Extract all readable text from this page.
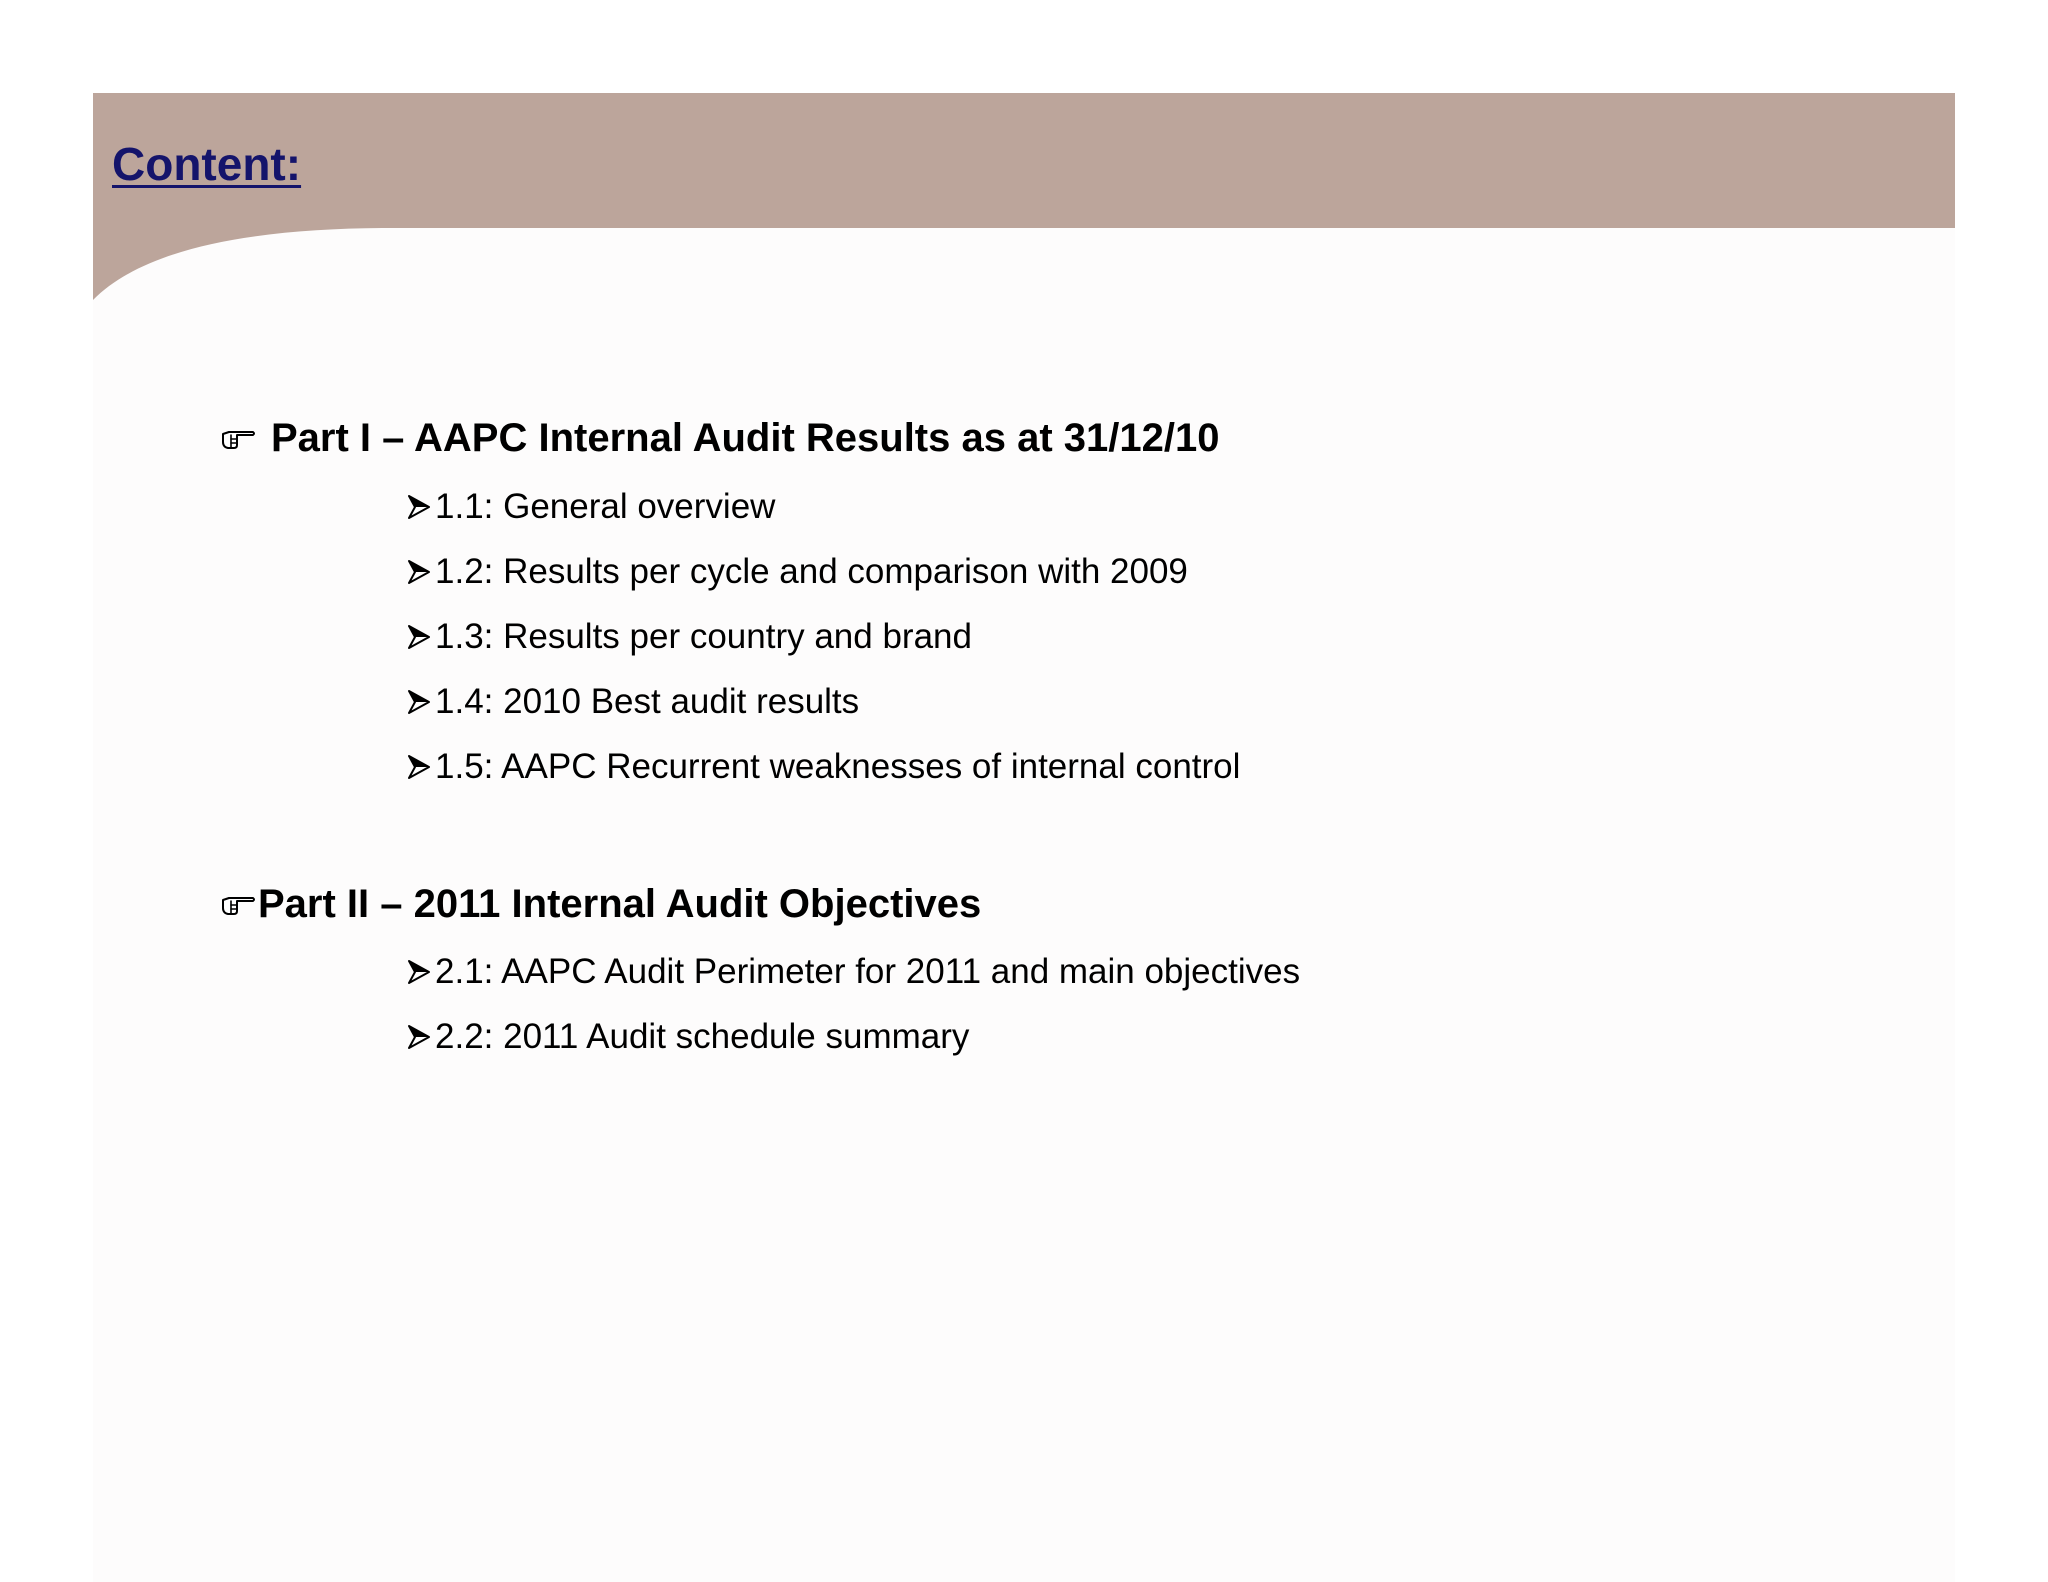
Content:
Part I – AAPC Internal Audit Results as at 31/12/10
1.1: General overview
1.2: Results per cycle and comparison with 2009
1.3: Results per country and brand
1.4: 2010 Best audit results
1.5: AAPC Recurrent weaknesses of internal control
Part II – 2011 Internal Audit Objectives
2.1: AAPC Audit Perimeter for 2011 and main objectives
2.2: 2011 Audit schedule summary
